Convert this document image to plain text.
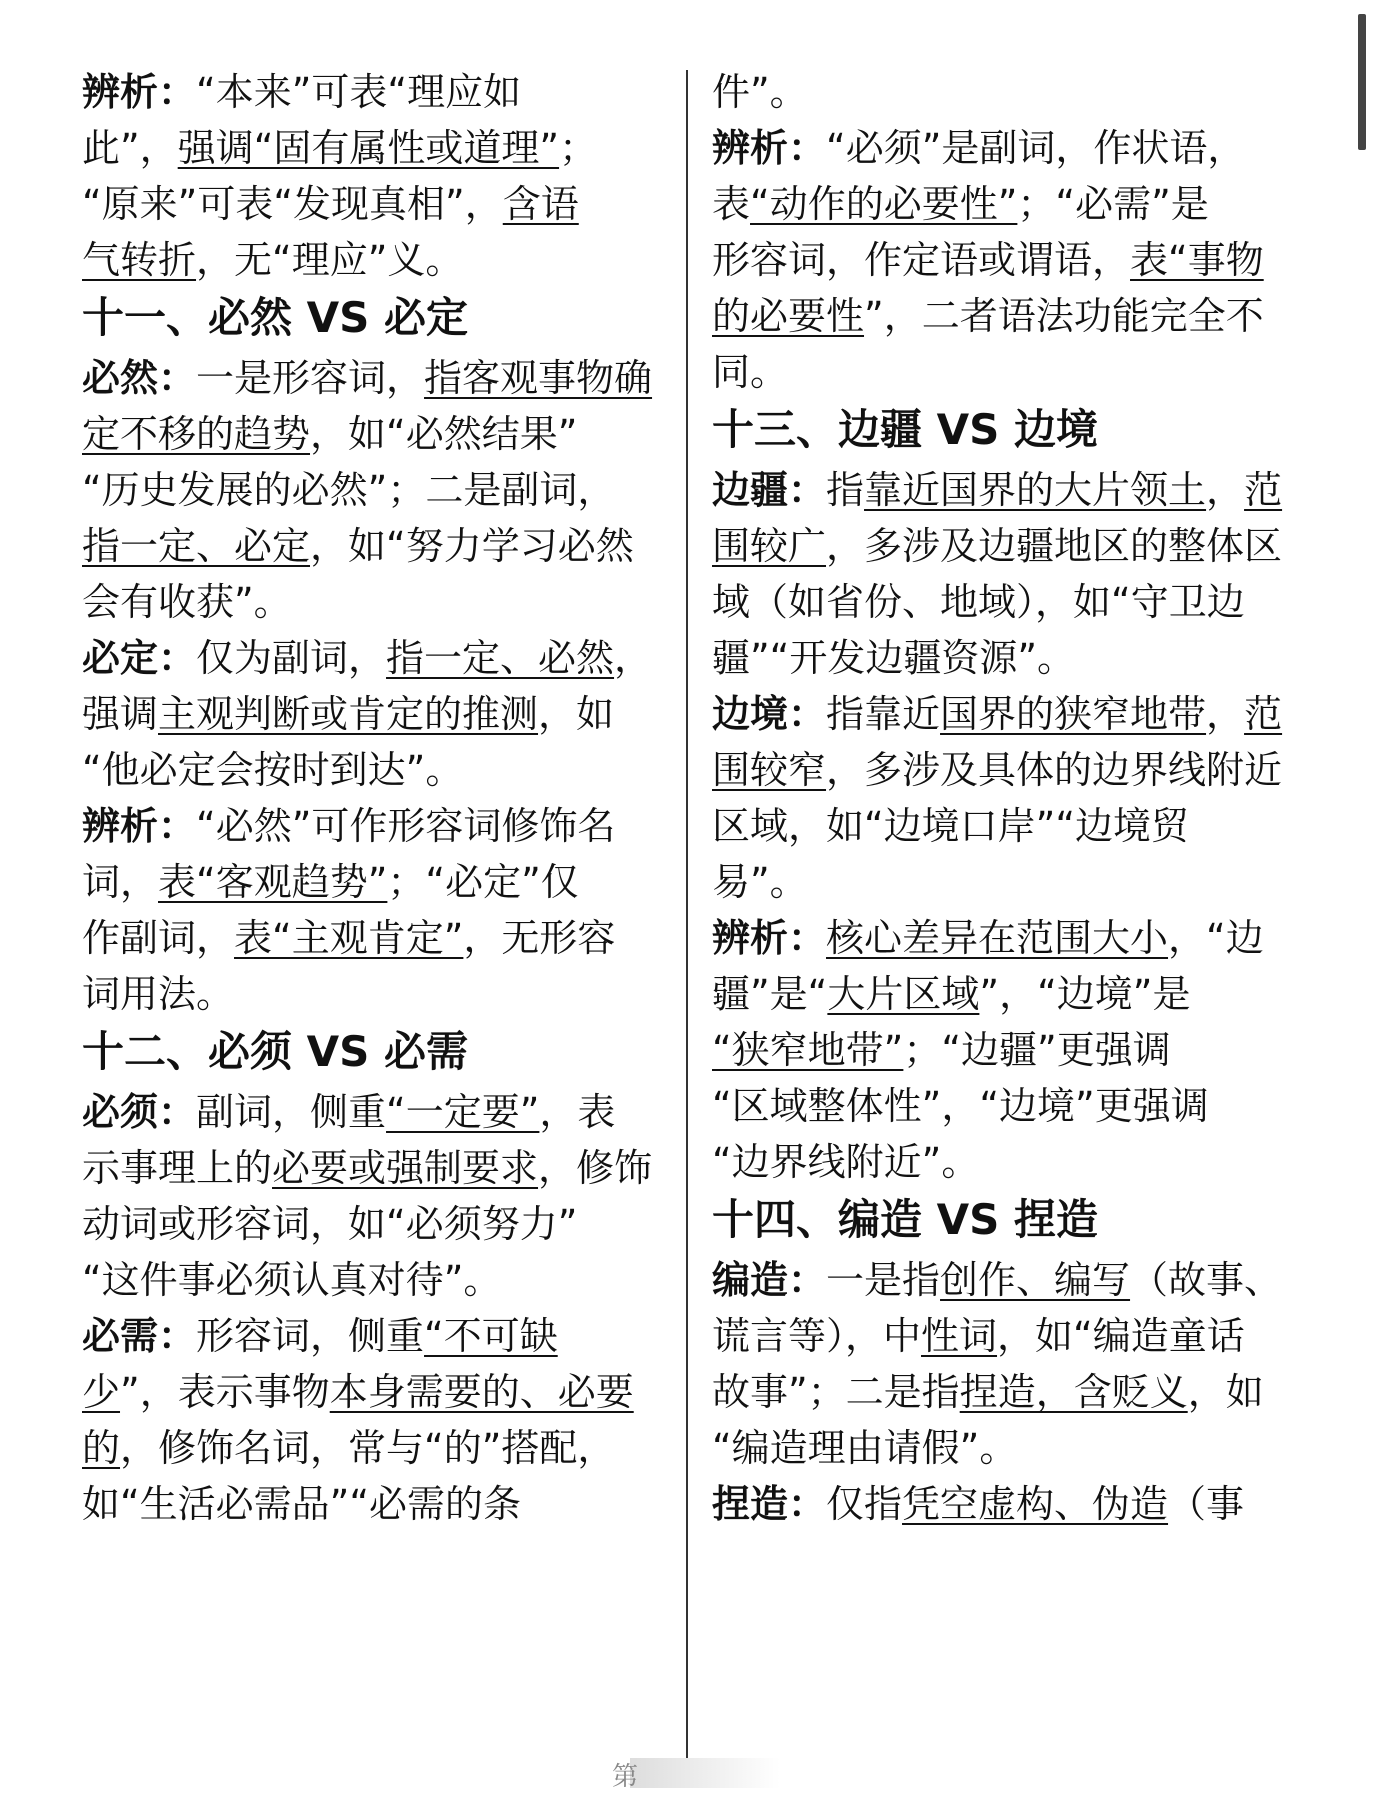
辨析：“本来”可表“理应如
此”，强调“固有属性或道理”；
“原来”可表“发现真相”，含语
气转折，无“理应”义。
十一、必然 VS 必定
必然：一是形容词，指客观事物确
定不移的趋势，如“必然结果”
“历史发展的必然”；二是副词，
指一定、必定，如“努力学习必然
会有收获”。
必定：仅为副词，指一定、必然，
强调主观判断或肯定的推测，如
“他必定会按时到达”。
辨析：“必然”可作形容词修饰名
词，表“客观趋势”；“必定”仅
作副词，表“主观肯定”，无形容
词用法。
十二、必须 VS 必需
必须：副词，侧重“一定要”，表
示事理上的必要或强制要求，修饰
动词或形容词，如“必须努力”
“这件事必须认真对待”。
必需：形容词，侧重“不可缺
少”，表示事物本身需要的、必要
的，修饰名词，常与“的”搭配，
如“生活必需品”“必需的条
件”。
辨析：“必须”是副词，作状语，
表“动作的必要性”；“必需”是
形容词，作定语或谓语，表“事物
的必要性”，二者语法功能完全不
同。
十三、边疆 VS 边境
边疆：指靠近国界的大片领土，范
围较广，多涉及边疆地区的整体区
域（如省份、地域），如“守卫边
疆”“开发边疆资源”。
边境：指靠近国界的狭窄地带，范
围较窄，多涉及具体的边界线附近
区域，如“边境口岸”“边境贸
易”。
辨析：核心差异在范围大小，“边
疆”是“大片区域”，“边境”是
“狭窄地带”；“边疆”更强调
“区域整体性”，“边境”更强调
“边界线附近”。
十四、编造 VS 捏造
编造：一是指创作、编写（故事、
谎言等），中性词，如“编造童话
故事”；二是指捏造，含贬义，如
“编造理由请假”。
捏造：仅指凭空虚构、伪造（事
第
